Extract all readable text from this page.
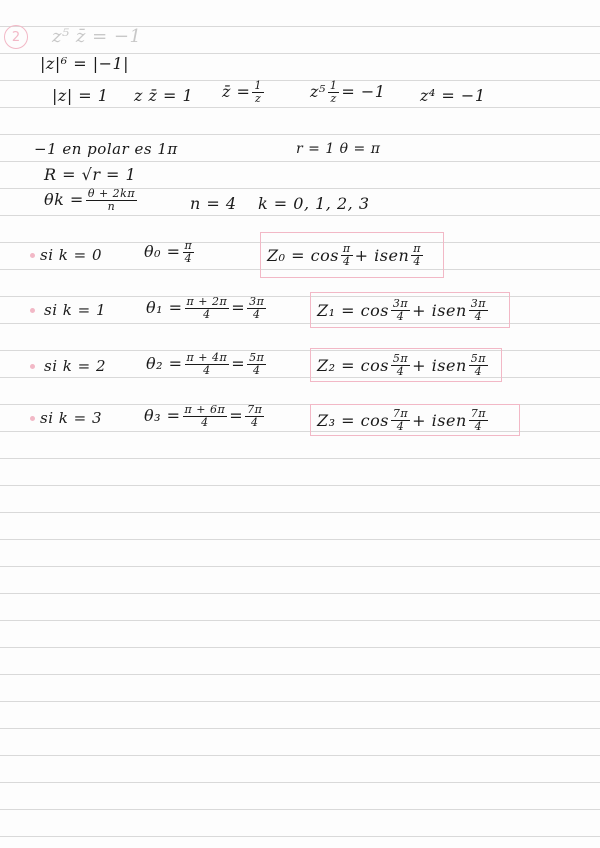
2	z⁵ z̄ = −1
|z|⁶ = |−1|
|z| = 1 z z̄ = 1 z̄ = $\frac{1}{z}$	$z^5 \frac{1}{z} = -1$ z⁴ = −1
−1 en polar es 1π	r = 1 θ = π
R = √r = 1
$\theta k = \frac{\theta + 2k\pi}{n}$	n = 4 k = 0, 1, 2, 3
si k = 0	$\theta_0 = \frac{\pi}{4}$	$Z_0 = \cos \frac{\pi}{4}$ + isen $\frac{\pi}{4}$
si k = 1 $\theta_1 = \frac{\pi + 2\pi}{4} = \frac{3\pi}{4}$	$Z_1 = \cos \frac{3\pi}{4}$ + isen $\frac{3\pi}{4}$
si k = 2 $\theta_2 = \frac{\pi + 4\pi}{4} = \frac{5\pi}{4}$	$Z_2 = \cos \frac{5\pi}{4}$ + isen $\frac{5\pi}{4}$
si k = 3	$\theta_3 = \frac{\pi + 6\pi}{4} = \frac{7\pi}{4}$	$Z_3 = \cos \frac{7\pi}{4}$ + isen $\frac{7\pi}{4}$
